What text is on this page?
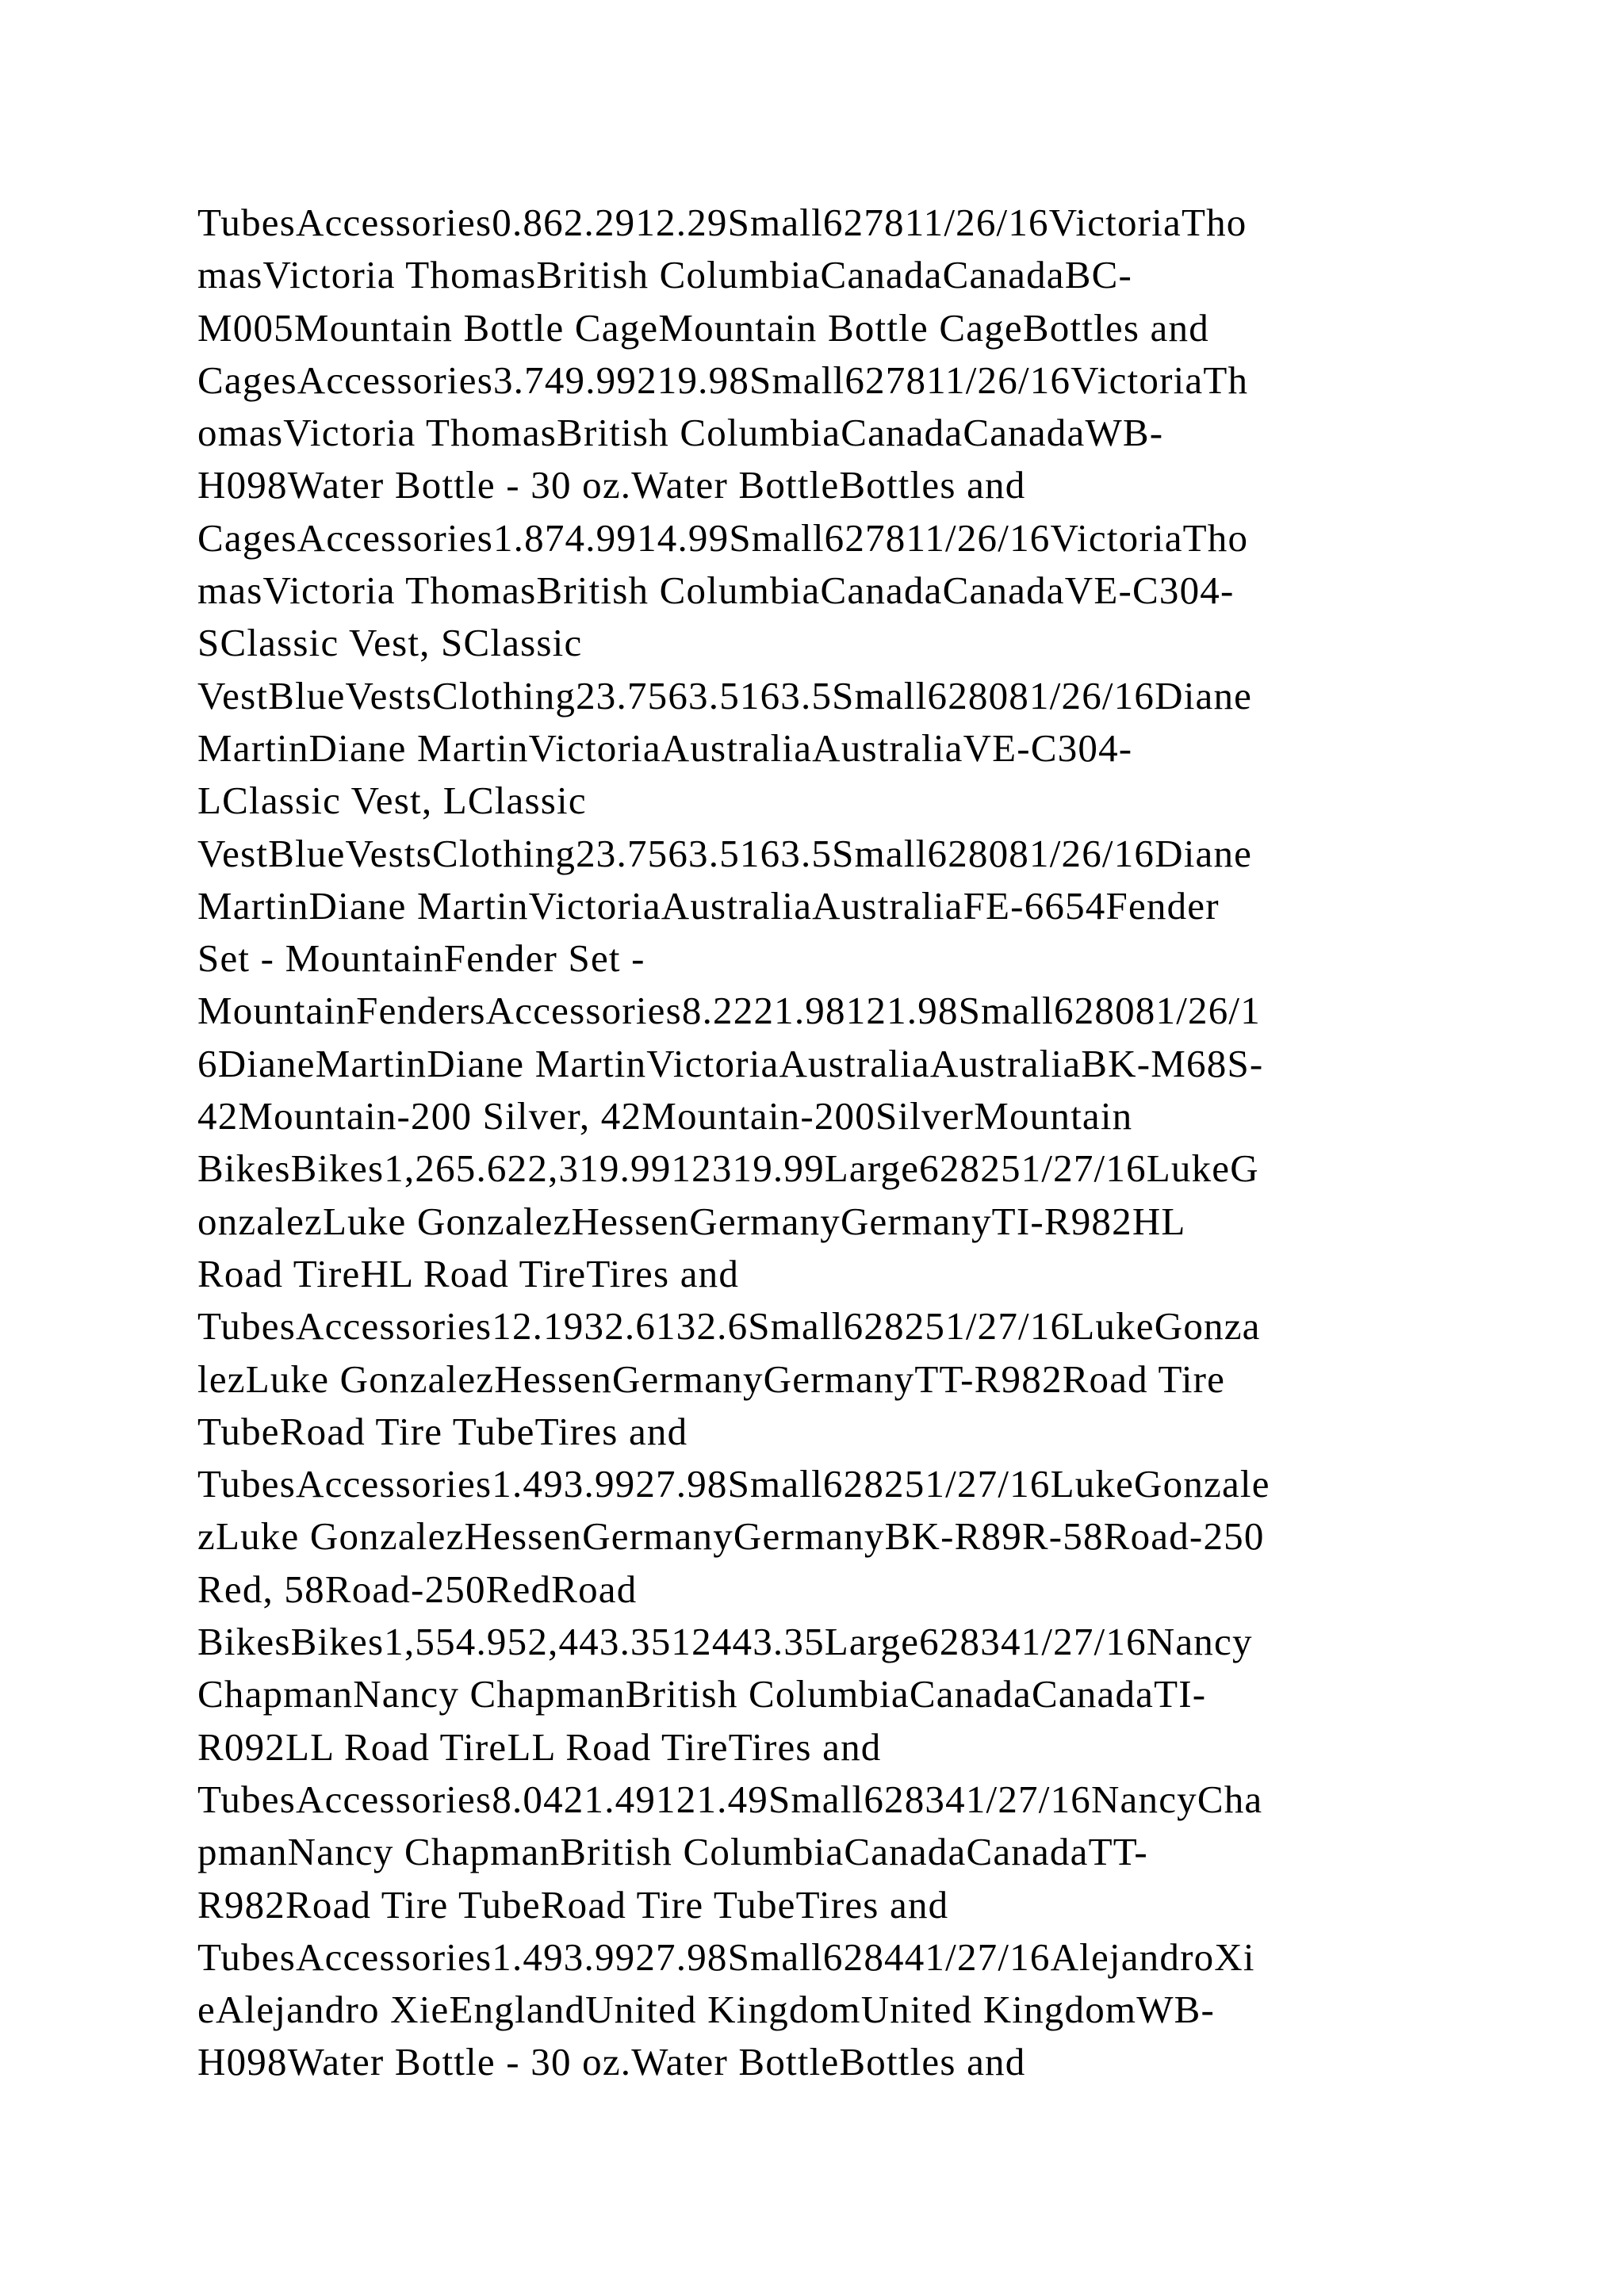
TubesAccessories0.862.2912.29Small627811/26/16VictoriaTho
masVictoria ThomasBritish ColumbiaCanadaCanadaBC-
M005Mountain Bottle CageMountain Bottle CageBottles and
CagesAccessories3.749.99219.98Small627811/26/16VictoriaTh
omasVictoria ThomasBritish ColumbiaCanadaCanadaWB-
H098Water Bottle - 30 oz.Water BottleBottles and
CagesAccessories1.874.9914.99Small627811/26/16VictoriaTho
masVictoria ThomasBritish ColumbiaCanadaCanadaVE-C304-
SClassic Vest, SClassic
VestBlueVestsClothing23.7563.5163.5Small628081/26/16Diane
MartinDiane MartinVictoriaAustraliaAustraliaVE-C304-
LClassic Vest, LClassic
VestBlueVestsClothing23.7563.5163.5Small628081/26/16Diane
MartinDiane MartinVictoriaAustraliaAustraliaFE-6654Fender
Set - MountainFender Set -
MountainFendersAccessories8.2221.98121.98Small628081/26/1
6DianeMartinDiane MartinVictoriaAustraliaAustraliaBK-M68S-
42Mountain-200 Silver, 42Mountain-200SilverMountain
BikesBikes1,265.622,319.9912319.99Large628251/27/16LukeG
onzalezLuke GonzalezHessenGermanyGermanyTI-R982HL
Road TireHL Road TireTires and
TubesAccessories12.1932.6132.6Small628251/27/16LukeGonza
lezLuke GonzalezHessenGermanyGermanyTT-R982Road Tire
TubeRoad Tire TubeTires and
TubesAccessories1.493.9927.98Small628251/27/16LukeGonzale
zLuke GonzalezHessenGermanyGermanyBK-R89R-58Road-250
Red, 58Road-250RedRoad
BikesBikes1,554.952,443.3512443.35Large628341/27/16Nancy
ChapmanNancy ChapmanBritish ColumbiaCanadaCanadaTI-
R092LL Road TireLL Road TireTires and
TubesAccessories8.0421.49121.49Small628341/27/16NancyCha
pmanNancy ChapmanBritish ColumbiaCanadaCanadaTT-
R982Road Tire TubeRoad Tire TubeTires and
TubesAccessories1.493.9927.98Small628441/27/16AlejandroXi
eAlejandro XieEnglandUnited KingdomUnited KingdomWB-
H098Water Bottle - 30 oz.Water BottleBottles and
